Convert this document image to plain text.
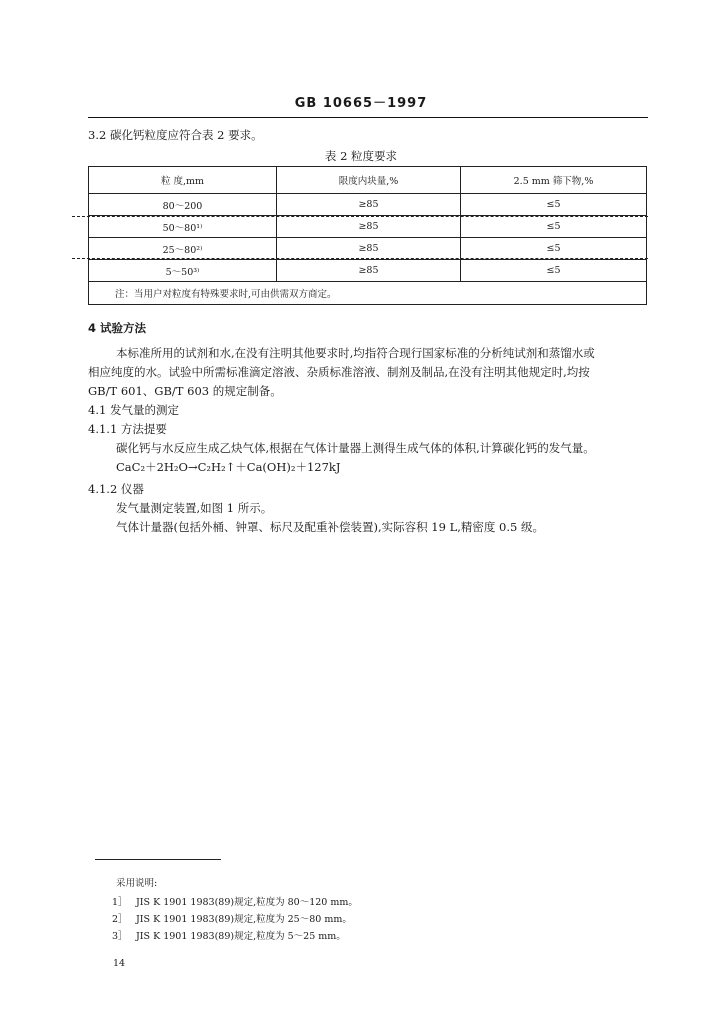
GB 10665－1997
3.2 碳化钙粒度应符合表 2 要求。
表 2 粒度要求
粒 度,mm	限度内块量,%	2.5 mm 筛下物,%
80～200	≥85	≤5
50～80¹⁾	≥85	≤5
25～80²⁾	≥85	≤5
5～50³⁾	≥85	≤5
注：当用户对粒度有特殊要求时,可由供需双方商定。		
4 试验方法
本标准所用的试剂和水,在没有注明其他要求时,均指符合现行国家标准的分析纯试剂和蒸馏水或
相应纯度的水。试验中所需标准滴定溶液、杂质标准溶液、制剂及制品,在没有注明其他规定时,均按
GB/T 601、GB/T 603 的规定制备。
4.1 发气量的测定
4.1.1 方法提要
碳化钙与水反应生成乙炔气体,根据在气体计量器上测得生成气体的体积,计算碳化钙的发气量。
CaC₂＋2H₂O→C₂H₂↑＋Ca(OH)₂＋127kJ
4.1.2 仪器
发气量测定装置,如图 1 所示。
气体计量器(包括外桶、钟罩、标尺及配重补偿装置),实际容积 19 L,精密度 0.5 级。
采用说明:
1］ JIS K 1901 1983(89)规定,粒度为 80～120 mm。
2］ JIS K 1901 1983(89)规定,粒度为 25～80 mm。
3］ JIS K 1901 1983(89)规定,粒度为 5～25 mm。
14
